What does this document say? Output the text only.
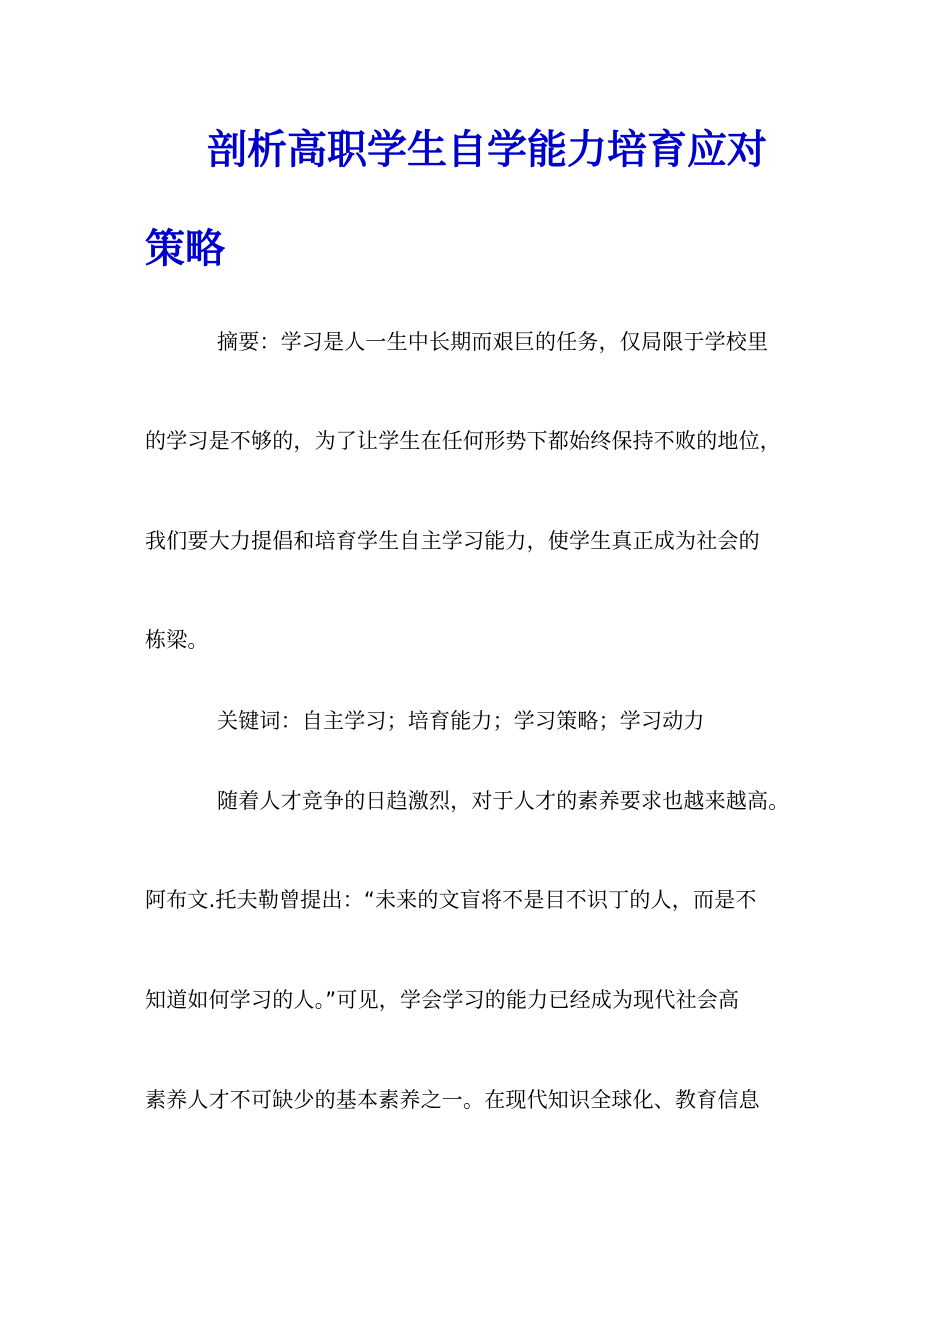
剖析高职学生自学能力培育应对
策略
摘要：学习是人一生中长期而艰巨的任务，仅局限于学校里
的学习是不够的，为了让学生在任何形势下都始终保持不败的地位，
我们要大力提倡和培育学生自主学习能力，使学生真正成为社会的
栋梁。
关键词：自主学习；培育能力；学习策略；学习动力
随着人才竞争的日趋激烈，对于人才的素养要求也越来越高。
阿布文.托夫勒曾提出：“未来的文盲将不是目不识丁的人，而是不
知道如何学习的人。”可见，学会学习的能力已经成为现代社会高
素养人才不可缺少的基本素养之一。在现代知识全球化、教育信息
